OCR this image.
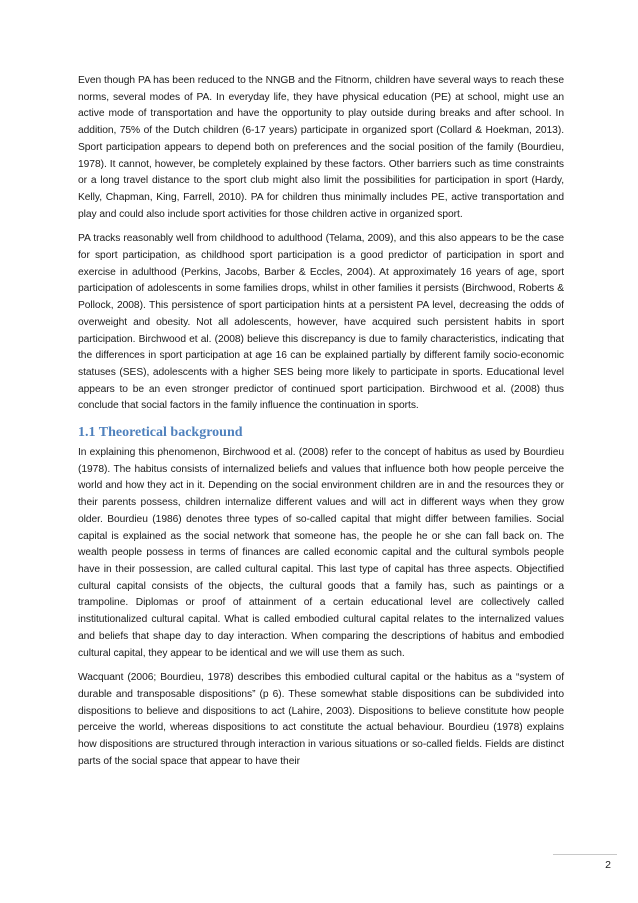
Even though PA has been reduced to the NNGB and the Fitnorm, children have several ways to reach these norms, several modes of PA. In everyday life, they have physical education (PE) at school, might use an active mode of transportation and have the opportunity to play outside during breaks and after school. In addition, 75% of the Dutch children (6-17 years) participate in organized sport (Collard & Hoekman, 2013). Sport participation appears to depend both on preferences and the social position of the family (Bourdieu, 1978). It cannot, however, be completely explained by these factors. Other barriers such as time constraints or a long travel distance to the sport club might also limit the possibilities for participation in sport (Hardy, Kelly, Chapman, King, Farrell, 2010). PA for children thus minimally includes PE, active transportation and play and could also include sport activities for those children active in organized sport.

PA tracks reasonably well from childhood to adulthood (Telama, 2009), and this also appears to be the case for sport participation, as childhood sport participation is a good predictor of participation in sport and exercise in adulthood (Perkins, Jacobs, Barber & Eccles, 2004). At approximately 16 years of age, sport participation of adolescents in some families drops, whilst in other families it persists (Birchwood, Roberts & Pollock, 2008). This persistence of sport participation hints at a persistent PA level, decreasing the odds of overweight and obesity. Not all adolescents, however, have acquired such persistent habits in sport participation. Birchwood et al. (2008) believe this discrepancy is due to family characteristics, indicating that the differences in sport participation at age 16 can be explained partially by different family socio-economic statuses (SES), adolescents with a higher SES being more likely to participate in sports. Educational level appears to be an even stronger predictor of continued sport participation. Birchwood et al. (2008) thus conclude that social factors in the family influence the continuation in sports.

1.1 Theoretical background

In explaining this phenomenon, Birchwood et al. (2008) refer to the concept of habitus as used by Bourdieu (1978). The habitus consists of internalized beliefs and values that influence both how people perceive the world and how they act in it. Depending on the social environment children are in and the resources they or their parents possess, children internalize different values and will act in different ways when they grow older. Bourdieu (1986) denotes three types of so-called capital that might differ between families. Social capital is explained as the social network that someone has, the people he or she can fall back on. The wealth people possess in terms of finances are called economic capital and the cultural symbols people have in their possession, are called cultural capital. This last type of capital has three aspects. Objectified cultural capital consists of the objects, the cultural goods that a family has, such as paintings or a trampoline. Diplomas or proof of attainment of a certain educational level are collectively called institutionalized cultural capital. What is called embodied cultural capital relates to the internalized values and beliefs that shape day to day interaction. When comparing the descriptions of habitus and embodied cultural capital, they appear to be identical and we will use them as such.

Wacquant (2006; Bourdieu, 1978) describes this embodied cultural capital or the habitus as a “system of durable and transposable dispositions” (p 6). These somewhat stable dispositions can be subdivided into dispositions to believe and dispositions to act (Lahire, 2003). Dispositions to believe constitute how people perceive the world, whereas dispositions to act constitute the actual behaviour. Bourdieu (1978) explains how dispositions are structured through interaction in various situations or so-called fields. Fields are distinct parts of the social space that appear to have their

2
